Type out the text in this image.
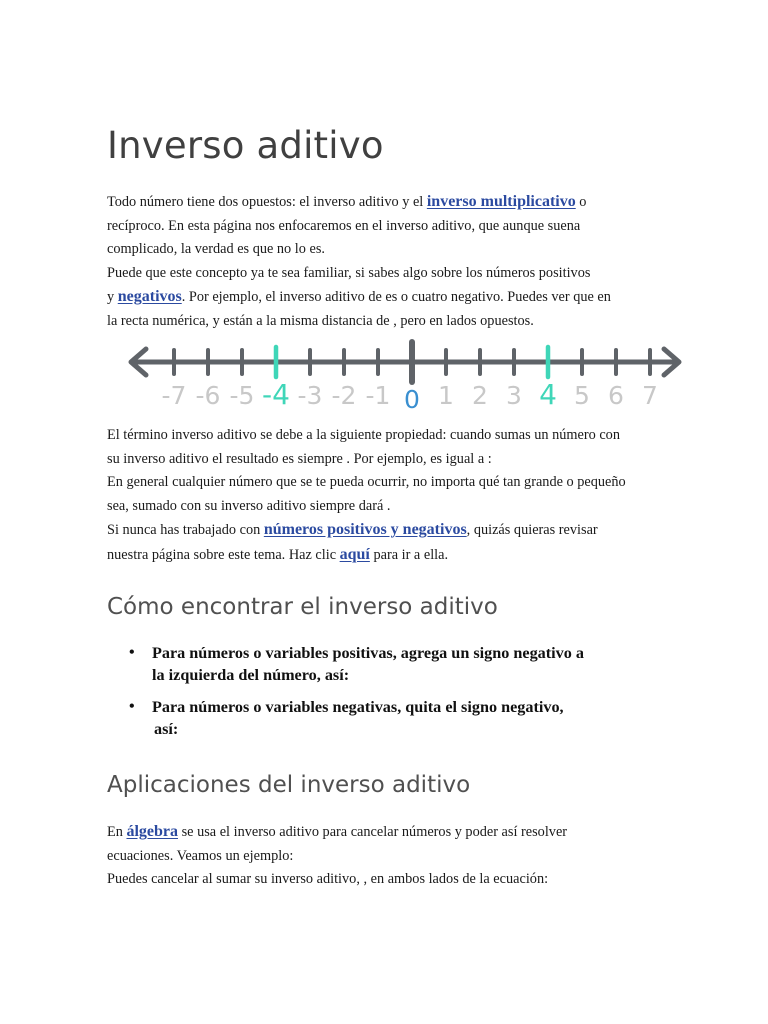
Inverso aditivo
Todo número tiene dos opuestos: el inverso aditivo y el inverso multiplicativo o
recíproco. En esta página nos enfocaremos en el inverso aditivo, que aunque suena
complicado, la verdad es que no lo es.
Puede que este concepto ya te sea familiar, si sabes algo sobre los números positivos
y negativos. Por ejemplo, el inverso aditivo de es o cuatro negativo. Puedes ver que en
la recta numérica, y están a la misma distancia de , pero en lados opuestos.
El término inverso aditivo se debe a la siguiente propiedad: cuando sumas un número con
su inverso aditivo el resultado es siempre . Por ejemplo, es igual a :
En general cualquier número que se te pueda ocurrir, no importa qué tan grande o pequeño
sea, sumado con su inverso aditivo siempre dará .
Si nunca has trabajado con números positivos y negativos, quizás quieras revisar
nuestra página sobre este tema. Haz clic aquí para ir a ella.
Cómo encontrar el inverso aditivo
• Para números o variables positivas, agrega un signo negativo a
la izquierda del número, así:
• Para números o variables negativas, quita el signo negativo,
así:
Aplicaciones del inverso aditivo
En álgebra se usa el inverso aditivo para cancelar números y poder así resolver
ecuaciones. Veamos un ejemplo:
Puedes cancelar al sumar su inverso aditivo, , en ambos lados de la ecuación:
-7 -6 -5 -4 -3 -2 -1 0 1 2 3 4 5 6 7
